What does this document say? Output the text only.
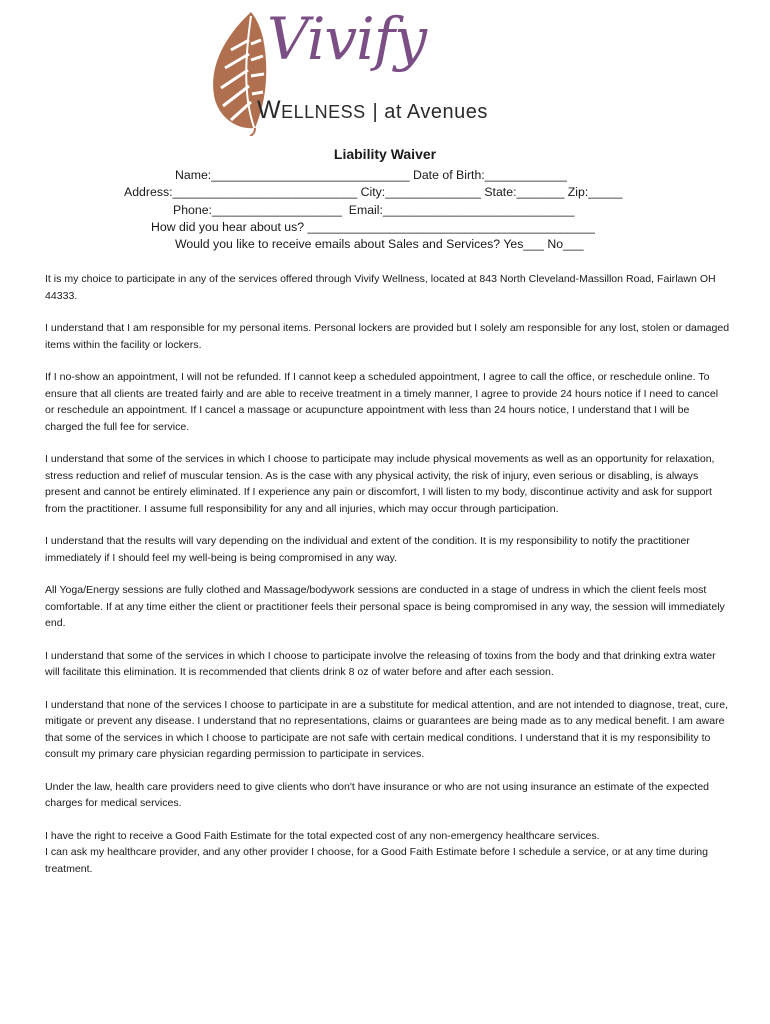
Vivify
Wellness | at Avenues
Liability Waiver
Name:_____________________________ Date of Birth:____________
Address:___________________________ City:______________ State:_______ Zip:_____
Phone:___________________  Email:____________________________
How did you hear about us? __________________________________________
Would you like to receive emails about Sales and Services? Yes___ No___

It is my choice to participate in any of the services offered through Vivify Wellness, located at 843 North Cleveland-Massillon Road, Fairlawn OH 44333.

I understand that I am responsible for my personal items. Personal lockers are provided but I solely am responsible for any lost, stolen or damaged items within the facility or lockers.

If I no-show an appointment, I will not be refunded. If I cannot keep a scheduled appointment, I agree to call the office, or reschedule online. To ensure that all clients are treated fairly and are able to receive treatment in a timely manner, I agree to provide 24 hours notice if I need to cancel or reschedule an appointment. If I cancel a massage or acupuncture appointment with less than 24 hours notice, I understand that I will be charged the full fee for service.

I understand that some of the services in which I choose to participate may include physical movements as well as an opportunity for relaxation, stress reduction and relief of muscular tension. As is the case with any physical activity, the risk of injury, even serious or disabling, is always present and cannot be entirely eliminated. If I experience any pain or discomfort, I will listen to my body, discontinue activity and ask for support from the practitioner. I assume full responsibility for any and all injuries, which may occur through participation.

I understand that the results will vary depending on the individual and extent of the condition. It is my responsibility to notify the practitioner immediately if I should feel my well-being is being compromised in any way.

All Yoga/Energy sessions are fully clothed and Massage/bodywork sessions are conducted in a stage of undress in which the client feels most comfortable. If at any time either the client or practitioner feels their personal space is being compromised in any way, the session will immediately end.

I understand that some of the services in which I choose to participate involve the releasing of toxins from the body and that drinking extra water will facilitate this elimination. It is recommended that clients drink 8 oz of water before and after each session.

I understand that none of the services I choose to participate in are a substitute for medical attention, and are not intended to diagnose, treat, cure, mitigate or prevent any disease. I understand that no representations, claims or guarantees are being made as to any medical benefit. I am aware that some of the services in which I choose to participate are not safe with certain medical conditions. I understand that it is my responsibility to consult my primary care physician regarding permission to participate in services.

Under the law, health care providers need to give clients who don't have insurance or who are not using insurance an estimate of the expected charges for medical services.

I have the right to receive a Good Faith Estimate for the total expected cost of any non-emergency healthcare services.

I can ask my healthcare provider, and any other provider I choose, for a Good Faith Estimate before I schedule a service, or at any time during treatment.
